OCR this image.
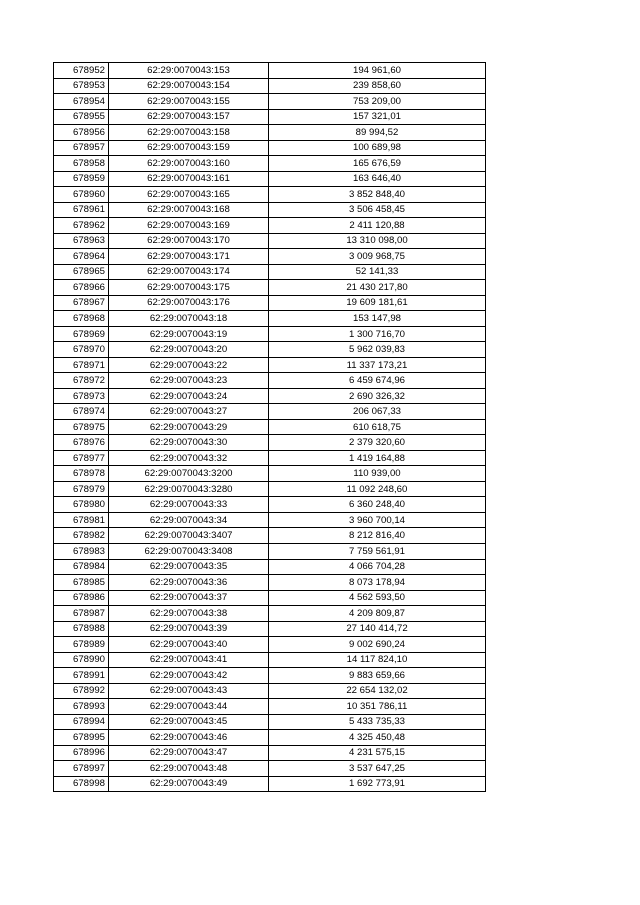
678952	62:29:0070043:153	194 961,60
678953	62:29:0070043:154	239 858,60
678954	62:29:0070043:155	753 209,00
678955	62:29:0070043:157	157 321,01
678956	62:29:0070043:158	89 994,52
678957	62:29:0070043:159	100 689,98
678958	62:29:0070043:160	165 676,59
678959	62:29:0070043:161	163 646,40
678960	62:29:0070043:165	3 852 848,40
678961	62:29:0070043:168	3 506 458,45
678962	62:29:0070043:169	2 411 120,88
678963	62:29:0070043:170	13 310 098,00
678964	62:29:0070043:171	3 009 968,75
678965	62:29:0070043:174	52 141,33
678966	62:29:0070043:175	21 430 217,80
678967	62:29:0070043:176	19 609 181,61
678968	62:29:0070043:18	153 147,98
678969	62:29:0070043:19	1 300 716,70
678970	62:29:0070043:20	5 962 039,83
678971	62:29:0070043:22	11 337 173,21
678972	62:29:0070043:23	6 459 674,96
678973	62:29:0070043:24	2 690 326,32
678974	62:29:0070043:27	206 067,33
678975	62:29:0070043:29	610 618,75
678976	62:29:0070043:30	2 379 320,60
678977	62:29:0070043:32	1 419 164,88
678978	62:29:0070043:3200	110 939,00
678979	62:29:0070043:3280	11 092 248,60
678980	62:29:0070043:33	6 360 248,40
678981	62:29:0070043:34	3 960 700,14
678982	62:29:0070043:3407	8 212 816,40
678983	62:29:0070043:3408	7 759 561,91
678984	62:29:0070043:35	4 066 704,28
678985	62:29:0070043:36	8 073 178,94
678986	62:29:0070043:37	4 562 593,50
678987	62:29:0070043:38	4 209 809,87
678988	62:29:0070043:39	27 140 414,72
678989	62:29:0070043:40	9 002 690,24
678990	62:29:0070043:41	14 117 824,10
678991	62:29:0070043:42	9 883 659,66
678992	62:29:0070043:43	22 654 132,02
678993	62:29:0070043:44	10 351 786,11
678994	62:29:0070043:45	5 433 735,33
678995	62:29:0070043:46	4 325 450,48
678996	62:29:0070043:47	4 231 575,15
678997	62:29:0070043:48	3 537 647,25
678998	62:29:0070043:49	1 692 773,91
